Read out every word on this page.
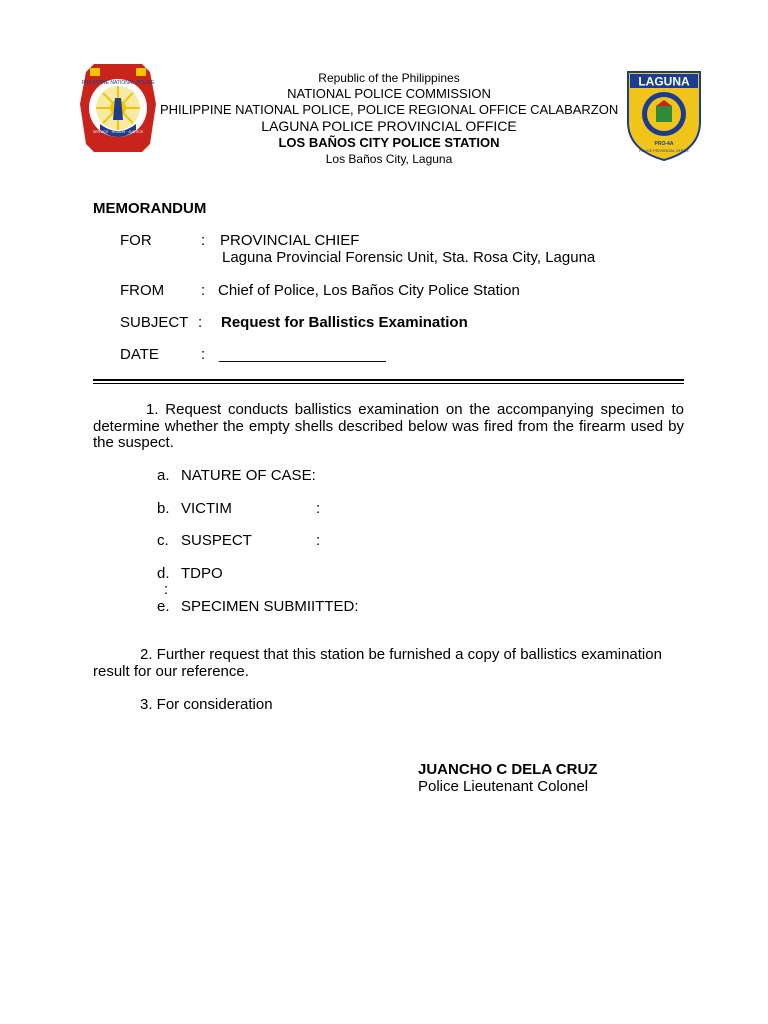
PHILIPPINE NATIONAL POLICE
SERVICE · HONOR · JUSTICE
LAGUNA
PRO-4A
POLICE PROVINCIAL OFFICE
Republic of the Philippines
NATIONAL POLICE COMMISSION
PHILIPPINE NATIONAL POLICE, POLICE REGIONAL OFFICE CALABARZON
LAGUNA POLICE PROVINCIAL OFFICE
LOS BAÑOS CITY POLICE STATION
Los Baños City, Laguna
MEMORANDUM
FOR	: PROVINCIAL CHIEF
Laguna Provincial Forensic Unit, Sta. Rosa City, Laguna
FROM : Chief of Police, Los Baños City Police Station
SUBJECT : Request for Ballistics Examination
DATE	: ____________________
1. Request conducts ballistics examination on the accompanying specimen to determine whether the empty shells described below was fired from the firearm used by the suspect.
a. NATURE OF CASE:
b. VICTIM	:
c. SUSPECT	:
d. TDPO
:
e. SPECIMEN SUBMIITTED:
2. Further request that this station be furnished a copy of ballistics examination result for our reference.
3. For consideration
JUANCHO C DELA CRUZ
Police Lieutenant Colonel
